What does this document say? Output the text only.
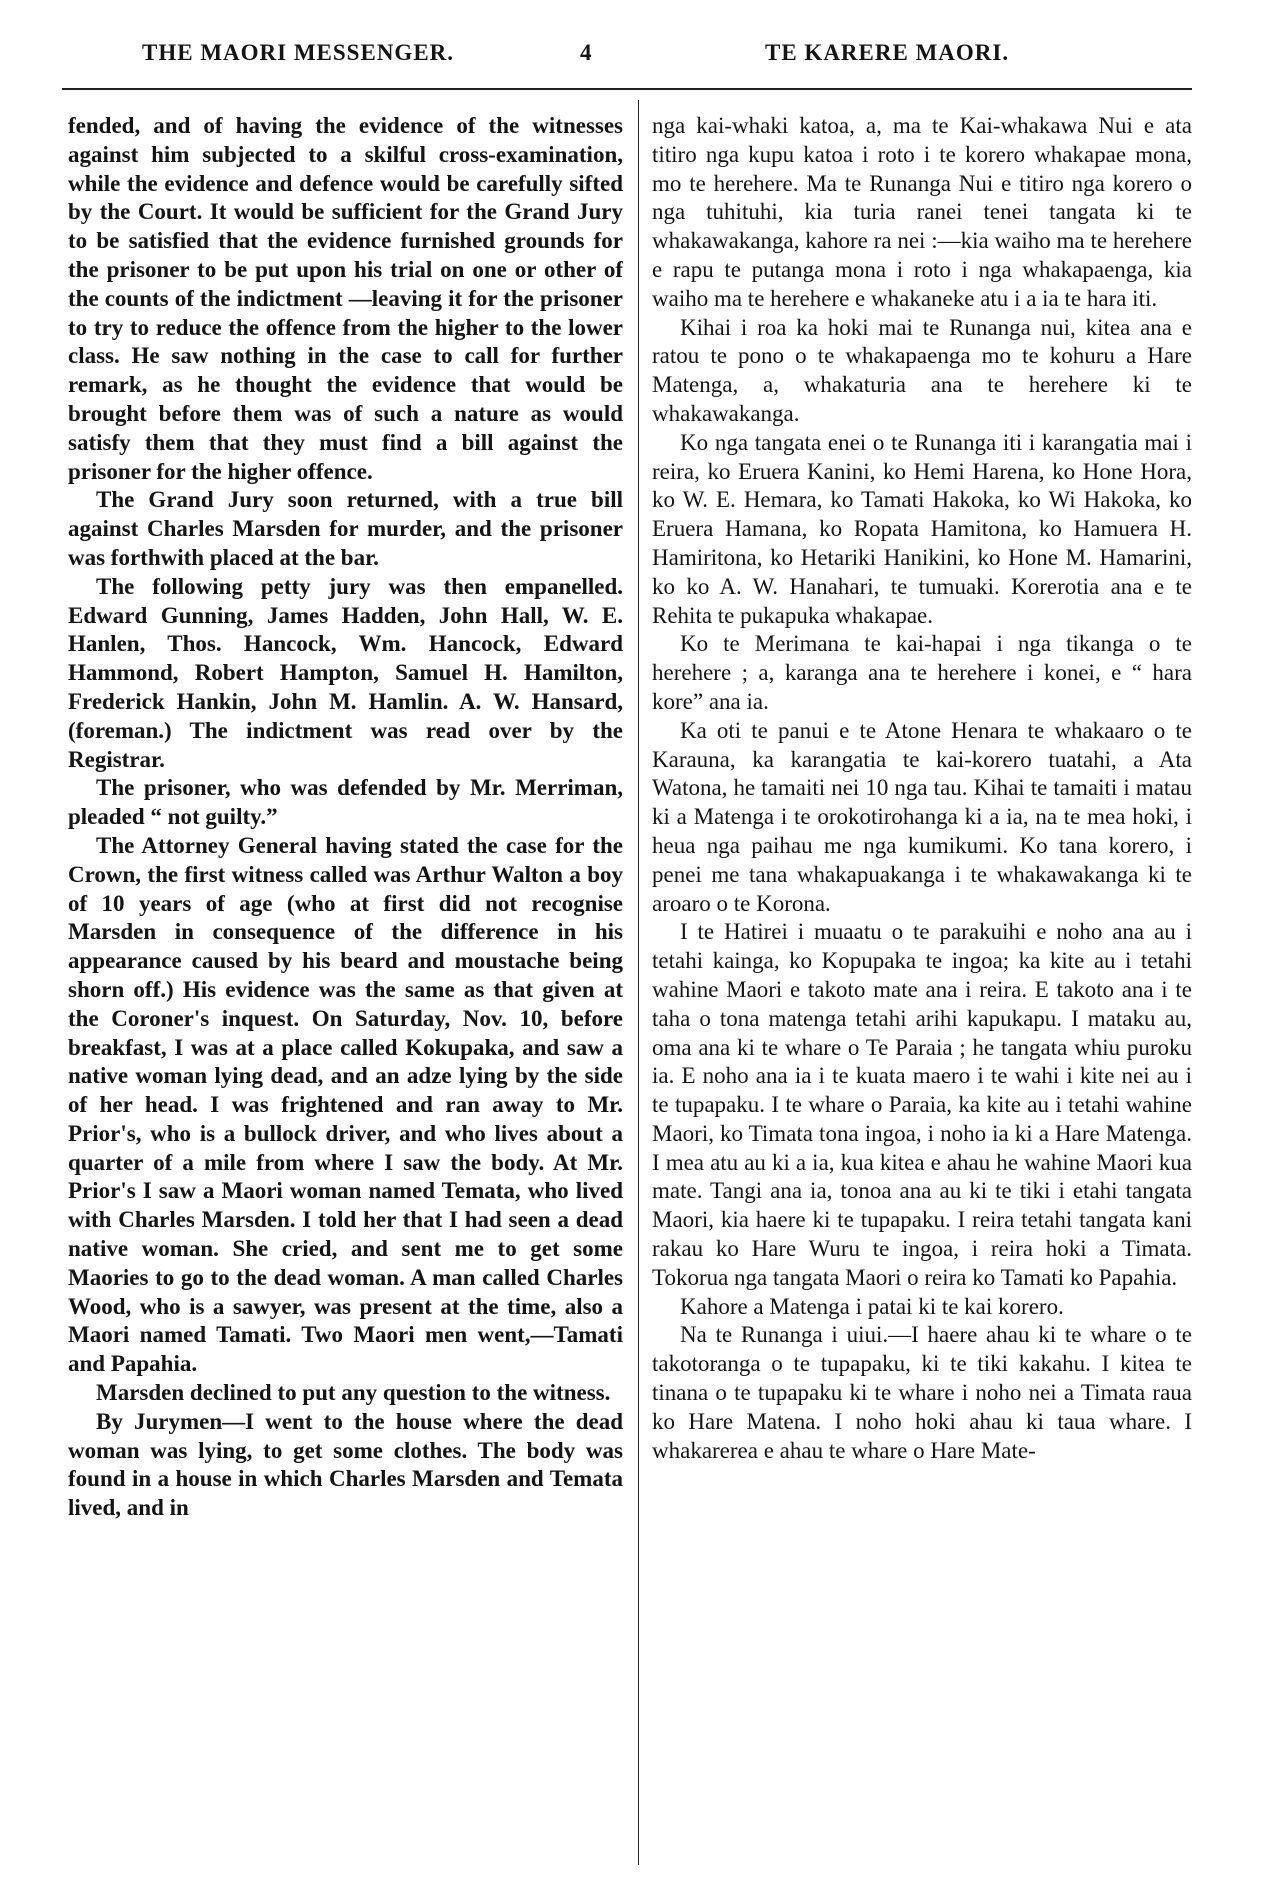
THE MAORI MESSENGER.	4	TE KARERE MAORI.

fended, and of having the evidence of the witnesses against him subjected to a skilful cross-examination, while the evidence and defence would be carefully sifted by the Court. It would be sufficient for the Grand Jury to be satisfied that the evidence furnished grounds for the prisoner to be put upon his trial on one or other of the counts of the indictment —leaving it for the prisoner to try to reduce the offence from the higher to the lower class. He saw nothing in the case to call for further remark, as he thought the evidence that would be brought before them was of such a nature as would satisfy them that they must find a bill against the prisoner for the higher offence.

The Grand Jury soon returned, with a true bill against Charles Marsden for murder, and the prisoner was forthwith placed at the bar.

The following petty jury was then empanelled. Edward Gunning, James Hadden, John Hall, W. E. Hanlen, Thos. Hancock, Wm. Hancock, Edward Hammond, Robert Hampton, Samuel H. Hamilton, Frederick Hankin, John M. Hamlin. A. W. Hansard, (foreman.) The indictment was read over by the Registrar.

The prisoner, who was defended by Mr. Merriman, pleaded “ not guilty.”

The Attorney General having stated the case for the Crown, the first witness called was Arthur Walton a boy of 10 years of age (who at first did not recognise Marsden in consequence of the difference in his appearance caused by his beard and moustache being shorn off.) His evidence was the same as that given at the Coroner's inquest. On Saturday, Nov. 10, before breakfast, I was at a place called Kokupaka, and saw a native woman lying dead, and an adze lying by the side of her head. I was frightened and ran away to Mr. Prior's, who is a bullock driver, and who lives about a quarter of a mile from where I saw the body. At Mr. Prior's I saw a Maori woman named Temata, who lived with Charles Marsden. I told her that I had seen a dead native woman. She cried, and sent me to get some Maories to go to the dead woman. A man called Charles Wood, who is a sawyer, was present at the time, also a Maori named Tamati. Two Maori men went,—Tamati and Papahia.

Marsden declined to put any question to the witness.

By Jurymen—I went to the house where the dead woman was lying, to get some clothes. The body was found in a house in which Charles Marsden and Temata lived, and in

nga kai-whaki katoa, a, ma te Kai-whakawa Nui e ata titiro nga kupu katoa i roto i te korero whakapae mona, mo te herehere. Ma te Runanga Nui e titiro nga korero o nga tuhituhi, kia turia ranei tenei tangata ki te whakawakanga, kahore ra nei :—kia waiho ma te herehere e rapu te putanga mona i roto i nga whakapaenga, kia waiho ma te herehere e whakaneke atu i a ia te hara iti.

Kihai i roa ka hoki mai te Runanga nui, kitea ana e ratou te pono o te whakapaenga mo te kohuru a Hare Matenga, a, whakaturia ana te herehere ki te whakawakanga.

Ko nga tangata enei o te Runanga iti i karangatia mai i reira, ko Eruera Kanini, ko Hemi Harena, ko Hone Hora, ko W. E. Hemara, ko Tamati Hakoka, ko Wi Hakoka, ko Eruera Hamana, ko Ropata Hamitona, ko Hamuera H. Hamiritona, ko Hetariki Hanikini, ko Hone M. Hamarini, ko ko A. W. Hanahari, te tumuaki. Korerotia ana e te Rehita te pukapuka whakapae.

Ko te Merimana te kai-hapai i nga tikanga o te herehere ; a, karanga ana te herehere i konei, e “ hara kore” ana ia.

Ka oti te panui e te Atone Henara te whakaaro o te Karauna, ka karangatia te kai-korero tuatahi, a Ata Watona, he tamaiti nei 10 nga tau. Kihai te tamaiti i matau ki a Matenga i te orokotirohanga ki a ia, na te mea hoki, i heua nga paihau me nga kumikumi. Ko tana korero, i penei me tana whakapuakanga i te whakawakanga ki te aroaro o te Korona.

I te Hatirei i muaatu o te parakuihi e noho ana au i tetahi kainga, ko Kopupaka te ingoa; ka kite au i tetahi wahine Maori e takoto mate ana i reira. E takoto ana i te taha o tona matenga tetahi arihi kapukapu. I mataku au, oma ana ki te whare o Te Paraia ; he tangata whiu puroku ia. E noho ana ia i te kuata maero i te wahi i kite nei au i te tupapaku. I te whare o Paraia, ka kite au i tetahi wahine Maori, ko Timata tona ingoa, i noho ia ki a Hare Matenga. I mea atu au ki a ia, kua kitea e ahau he wahine Maori kua mate. Tangi ana ia, tonoa ana au ki te tiki i etahi tangata Maori, kia haere ki te tupapaku. I reira tetahi tangata kani rakau ko Hare Wuru te ingoa, i reira hoki a Timata. Tokorua nga tangata Maori o reira ko Tamati ko Papahia.

Kahore a Matenga i patai ki te kai korero.

Na te Runanga i uiui.—I haere ahau ki te whare o te takotoranga o te tupapaku, ki te tiki kakahu. I kitea te tinana o te tupapaku ki te whare i noho nei a Timata raua ko Hare Matena. I noho hoki ahau ki taua whare. I whakarerea e ahau te whare o Hare Mate-
